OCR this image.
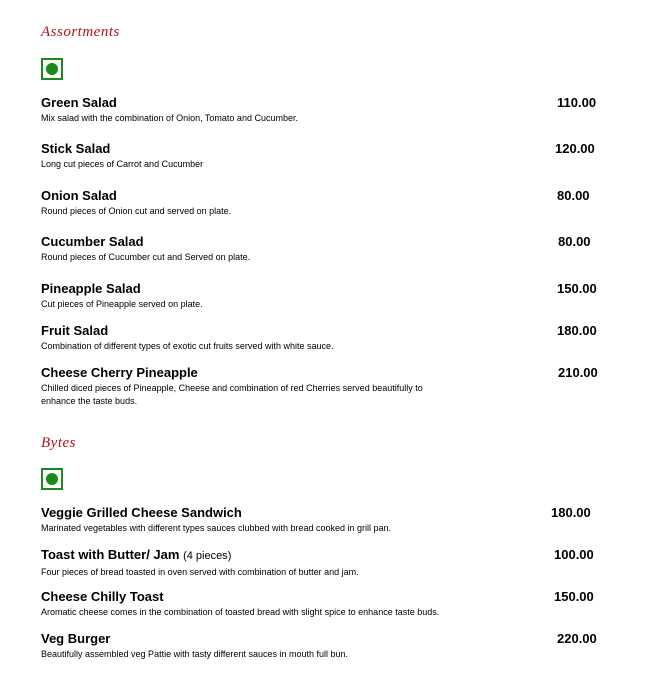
Assortments
Green Salad
Mix salad with the combination of Onion, Tomato and Cucumber.
110.00
Stick Salad
Long cut pieces of Carrot and Cucumber
120.00
Onion Salad
Round pieces of Onion cut and served on plate.
80.00
Cucumber Salad
Round pieces of Cucumber cut and Served on plate.
80.00
Pineapple Salad
Cut pieces of Pineapple served on plate.
150.00
Fruit Salad
Combination of different types of exotic cut fruits served with white sauce.
180.00
Cheese Cherry Pineapple
Chilled diced pieces of Pineapple, Cheese and combination of red Cherries served beautifully to enhance the taste buds.
210.00
Bytes
Veggie Grilled Cheese Sandwich
Marinated vegetables with different types sauces clubbed with bread cooked in grill pan.
180.00
Toast with Butter/ Jam (4 pieces)
Four pieces of bread toasted in oven served with combination of butter and jam.
100.00
Cheese Chilly Toast
Aromatic cheese comes in the combination of toasted bread with slight spice to enhance taste buds.
150.00
Veg Burger
Beautifully assembled veg Pattie with tasty different sauces in mouth full bun.
220.00
